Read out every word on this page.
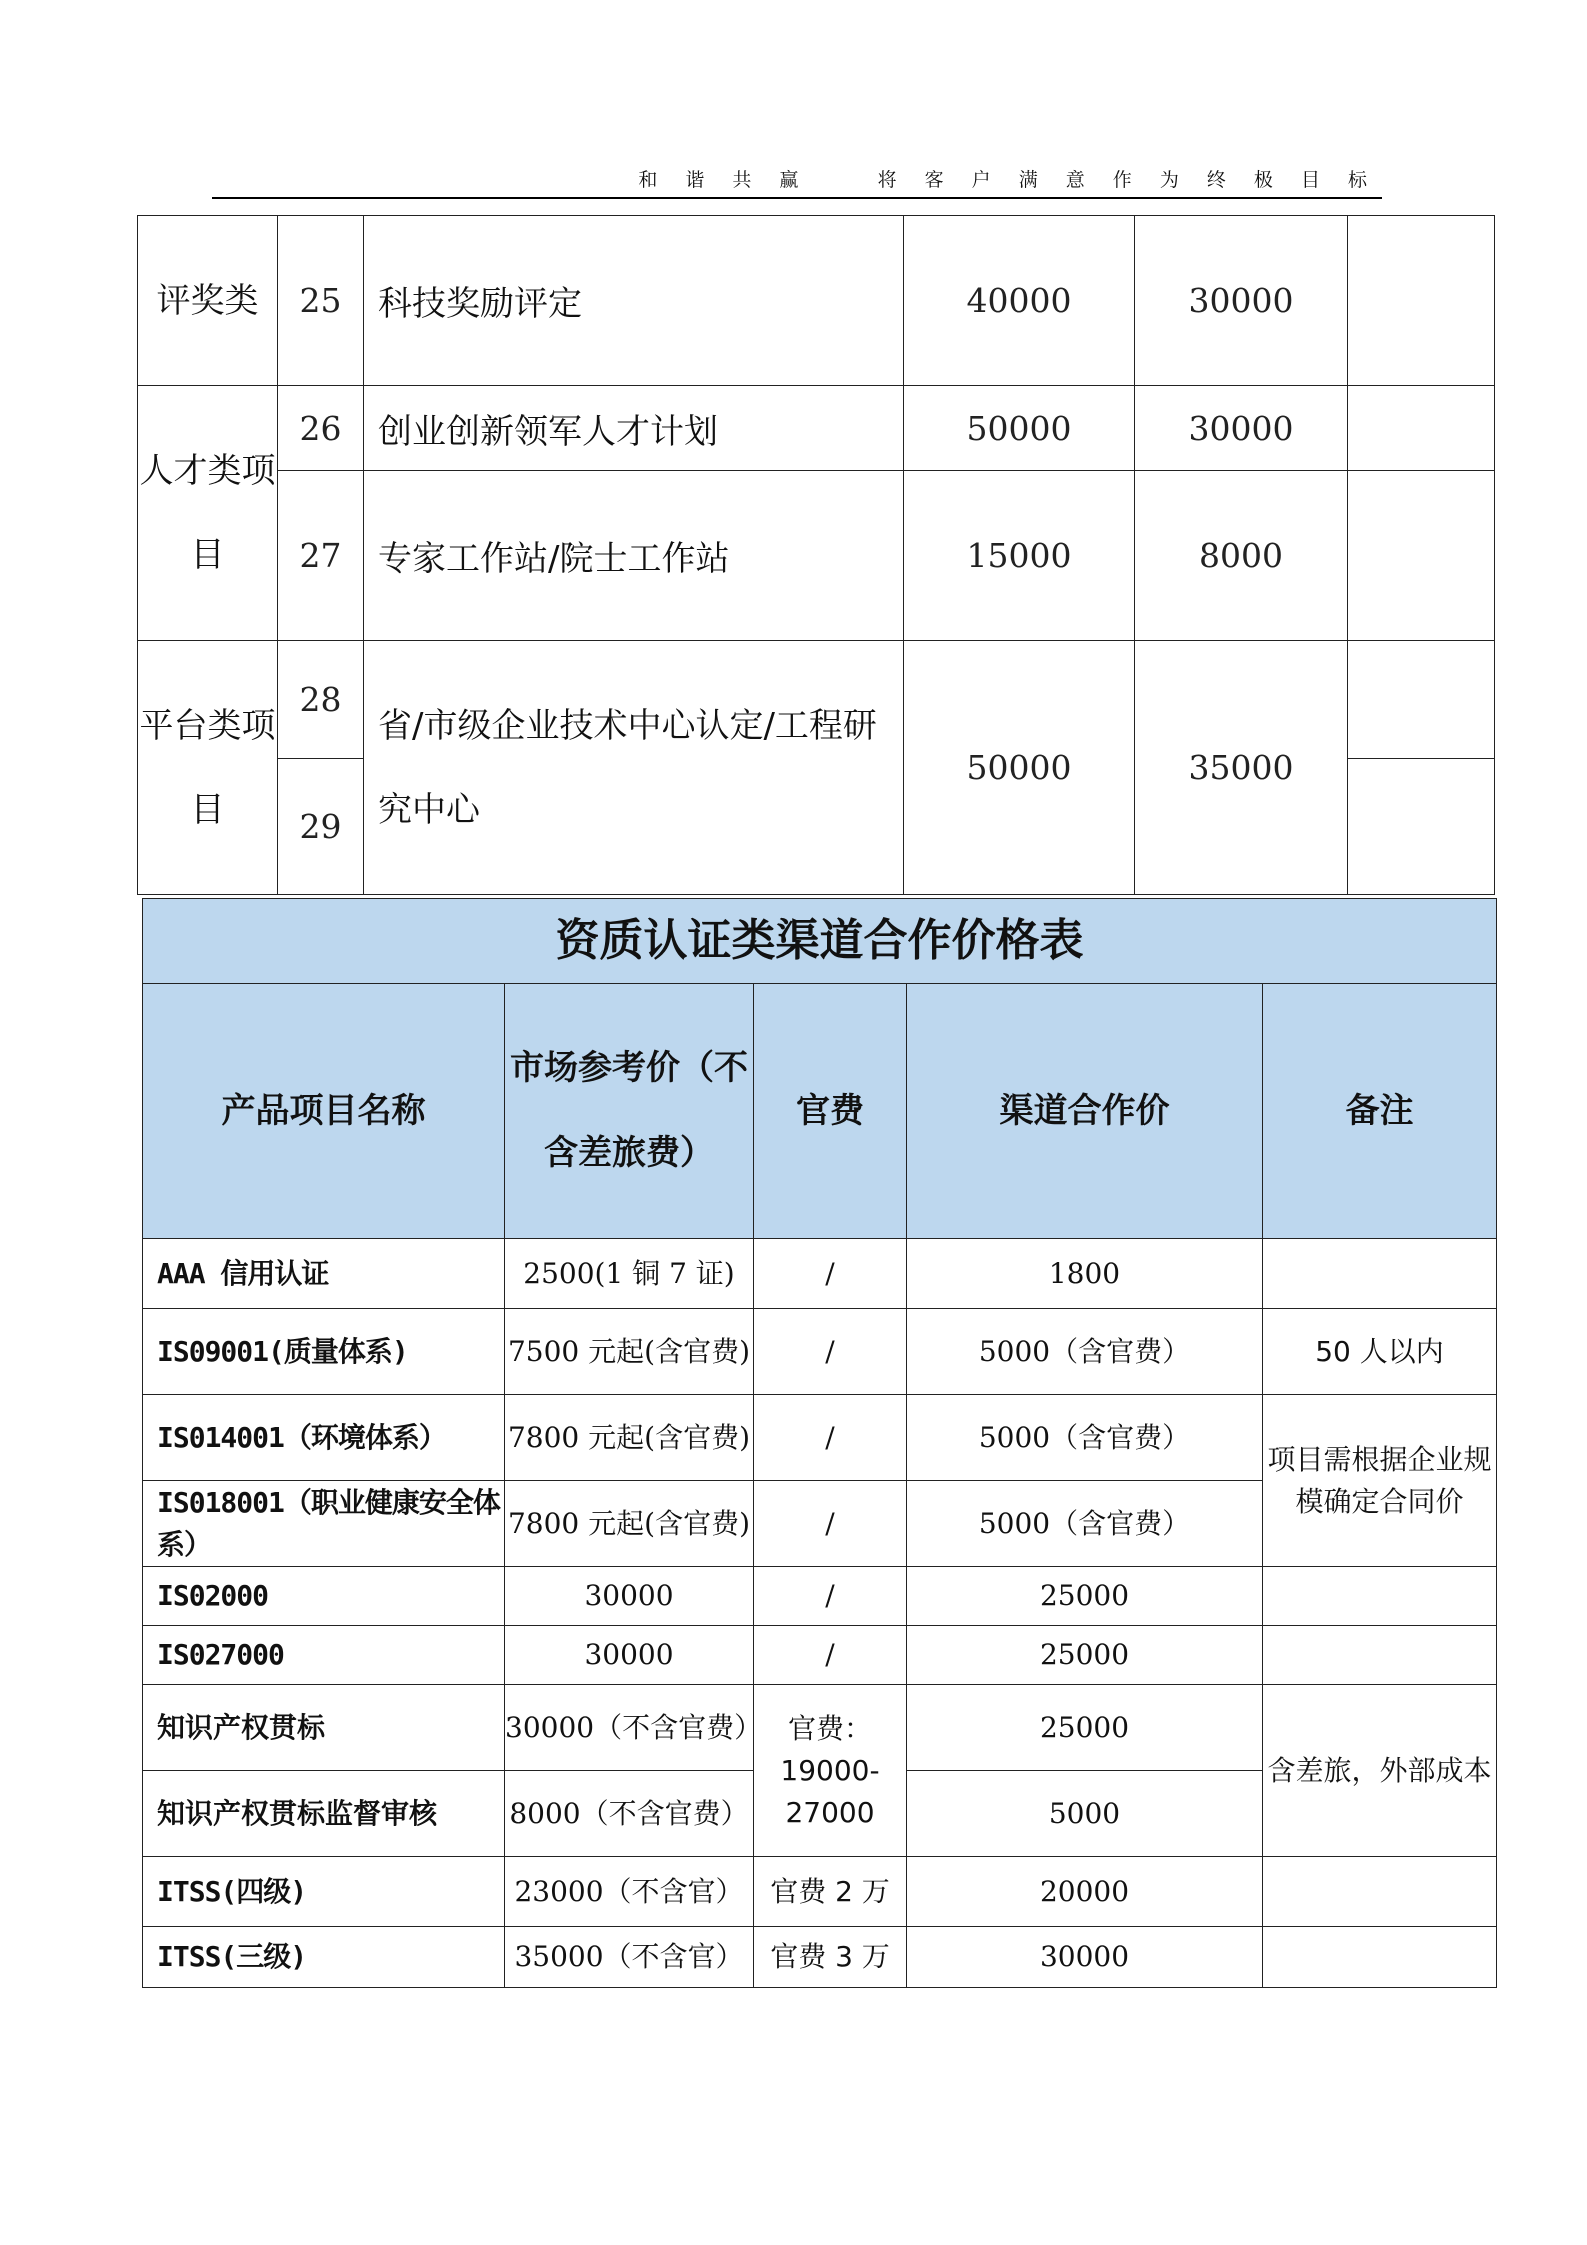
和 谐 共 赢    将 客 户 满 意 作 为 终 极 目 标
评奖类	25	科技奖励评定	40000	30000	
人才类项目	26	创业创新领军人才计划	50000	30000	
	27	专家工作站/院士工作站	15000	8000	
平台类项目	28	省/市级企业技术中心认定/工程研究中心	50000	35000	
	29				
资质认证类渠道合作价格表				
产品项目名称	市场参考价（不含差旅费）	官费	渠道合作价	备注
AAA 信用认证	2500(1 铜 7 证)	/	1800	
IS09001(质量体系)	7500 元起(含官费)	/	5000（含官费）	50 人以内
IS014001（环境体系）	7800 元起(含官费)	/	5000（含官费）	项目需根据企业规模确定合同价
IS018001（职业健康安全体系）	7800 元起(含官费)	/	5000（含官费）	
IS02000	30000	/	25000	
IS027000	30000	/	25000	
知识产权贯标	30000（不含官费）	官费：19000-27000	25000	含差旅，外部成本
知识产权贯标监督审核	8000（不含官费）		5000	
ITSS(四级)	23000（不含官）	官费 2 万	20000	
ITSS(三级)	35000（不含官）	官费 3 万	30000	
